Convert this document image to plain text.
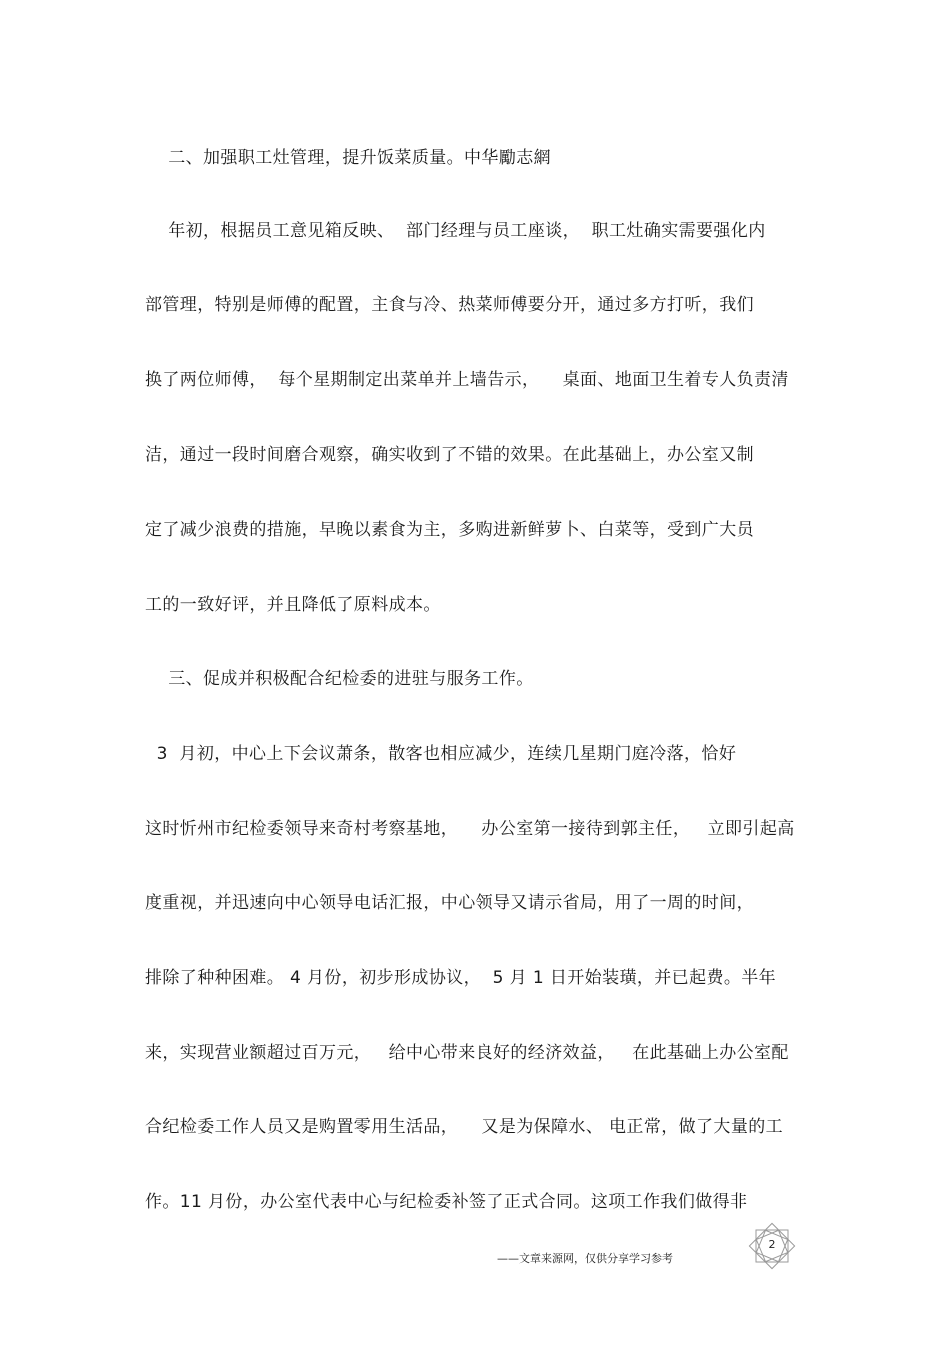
二、加强职工灶管理，提升饭菜质量。中华勵志網
年初，根据员工意见箱反映、  部门经理与员工座谈，  职工灶确实需要强化内
部管理，特别是师傅的配置，主食与冷、热菜师傅要分开，通过多方打听，我们
换了两位师傅，  每个星期制定出菜单并上墙告示，    桌面、地面卫生着专人负责清
洁，通过一段时间磨合观察，确实收到了不错的效果。在此基础上，办公室又制
定了减少浪费的措施，早晚以素食为主，多购进新鲜萝卜、白菜等，受到广大员
工的一致好评，并且降低了原料成本。
三、促成并积极配合纪检委的进驻与服务工作。
3  月初，中心上下会议萧条，散客也相应减少，连续几星期门庭冷落，恰好
这时忻州市纪检委领导来奇村考察基地，    办公室第一接待到郭主任，   立即引起高
度重视，并迅速向中心领导电话汇报，中心领导又请示省局，用了一周的时间，
排除了种种困难。 4 月份，初步形成协议，  5 月 1 日开始装璜，并已起费。半年
来，实现营业额超过百万元，   给中心带来良好的经济效益，   在此基础上办公室配
合纪检委工作人员又是购置零用生活品，    又是为保障水、 电正常，做了大量的工
作。11 月份，办公室代表中心与纪检委补签了正式合同。这项工作我们做得非
2
——文章来源网，仅供分享学习参考
